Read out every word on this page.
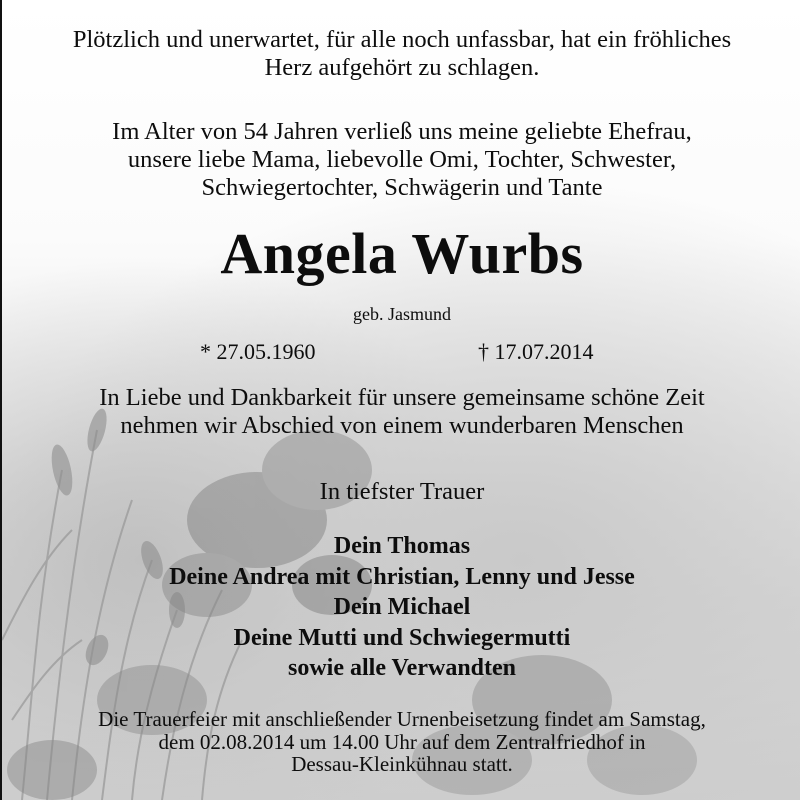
Plötzlich und unerwartet, für alle noch unfassbar, hat ein fröhliches
Herz aufgehört zu schlagen.

Im Alter von 54 Jahren verließ uns meine geliebte Ehefrau,
unsere liebe Mama, liebevolle Omi, Tochter, Schwester,
Schwiegertochter, Schwägerin und Tante

Angela Wurbs

geb. Jasmund

* 27.05.1960	† 17.07.2014

In Liebe und Dankbarkeit für unsere gemeinsame schöne Zeit
nehmen wir Abschied von einem wunderbaren Menschen

In tiefster Trauer

Dein Thomas
Deine Andrea mit Christian, Lenny und Jesse
Dein Michael
Deine Mutti und Schwiegermutti
sowie alle Verwandten

Die Trauerfeier mit anschließender Urnenbeisetzung findet am Samstag,
dem 02.08.2014 um 14.00 Uhr auf dem Zentralfriedhof in
Dessau-Kleinkühnau statt.
